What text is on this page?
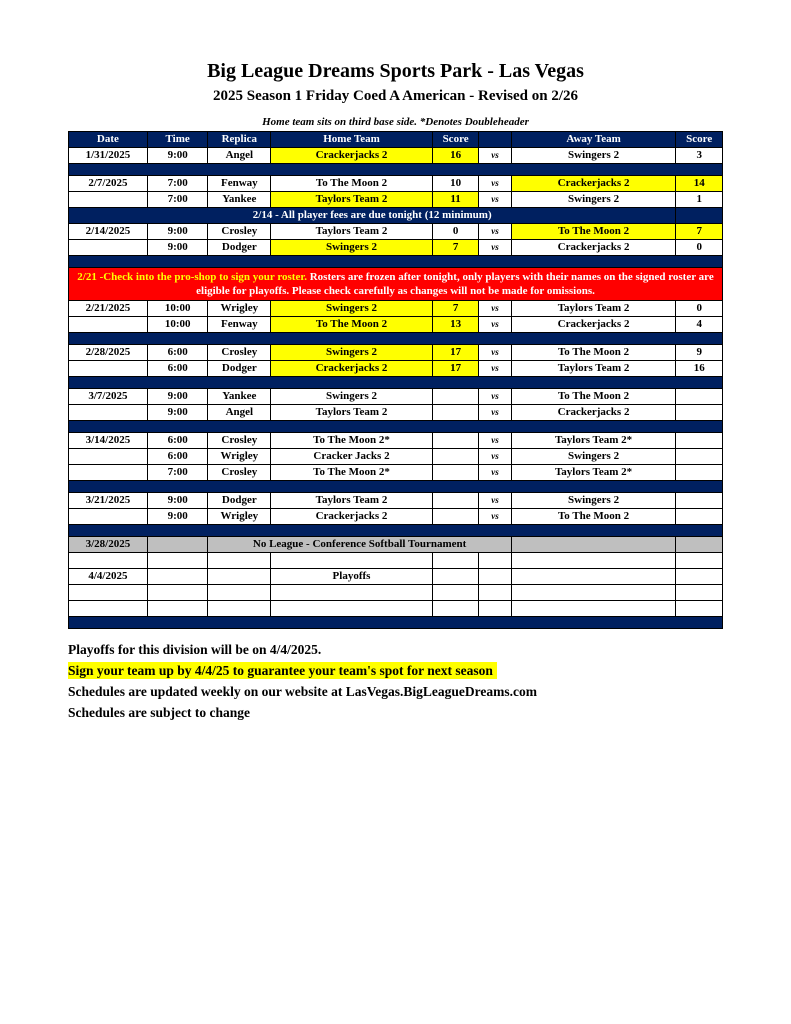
Big League Dreams Sports Park - Las Vegas
2025 Season 1 Friday Coed A American - Revised on 2/26
Home team sits on third base side. *Denotes Doubleheader
Date	Time	Replica	Home Team	Score		Away Team	Score
1/31/2025	9:00	Angel	Crackerjacks 2	16	vs	Swingers 2	3

2/7/2025	7:00	Fenway	To The Moon 2	10	vs	Crackerjacks 2	14
	7:00	Yankee	Taylors Team 2	11	vs	Swingers 2	1
2/14 - All player fees are due tonight (12 minimum)							
2/14/2025	9:00	Crosley	Taylors Team 2	0	vs	To The Moon 2	7
	9:00	Dodger	Swingers 2	7	vs	Crackerjacks 2	0

2/21 -Check into the pro-shop to sign your roster. Rosters are frozen after tonight, only players with their names on the signed roster are eligible for playoffs. Please check carefully as changes will not be made for omissions.							
2/21/2025	10:00	Wrigley	Swingers 2	7	vs	Taylors Team 2	0
	10:00	Fenway	To The Moon 2	13	vs	Crackerjacks 2	4

2/28/2025	6:00	Crosley	Swingers 2	17	vs	To The Moon 2	9
	6:00	Dodger	Crackerjacks 2	17	vs	Taylors Team 2	16

3/7/2025	9:00	Yankee	Swingers 2		vs	To The Moon 2	
	9:00	Angel	Taylors Team 2		vs	Crackerjacks 2	

3/14/2025	6:00	Crosley	To The Moon 2*		vs	Taylors Team 2*	
	6:00	Wrigley	Cracker Jacks 2		vs	Swingers 2	
	7:00	Crosley	To The Moon 2*		vs	Taylors Team 2*	

3/21/2025	9:00	Dodger	Taylors Team 2		vs	Swingers 2	
	9:00	Wrigley	Crackerjacks 2		vs	To The Moon 2	

3/28/2025		No League - Conference Softball Tournament					

4/4/2025			Playoffs				

Playoffs for this division will be on 4/4/2025.
Sign your team up by 4/4/25 to guarantee your team's spot for next season
Schedules are updated weekly on our website at LasVegas.BigLeagueDreams.com
Schedules are subject to change
